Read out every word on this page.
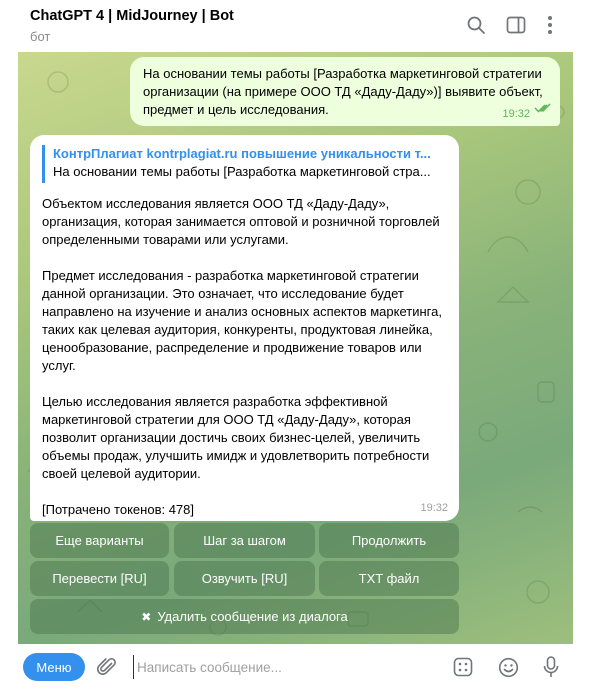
ChatGPT 4 | MidJourney | Bot
бот
На основании темы работы [Разработка маркетинговой стратегии организации (на примере ООО ТД «Даду-Даду»)] выявите объект, предмет и цель исследования.	19:32
КонтрПлагиат kontrplagiat.ru повышение уникальности т...
На основании темы работы [Разработка маркетинговой стра...
Объектом исследования является ООО ТД «Даду-Даду», организация, которая занимается оптовой и розничной торговлей определенными товарами или услугами.
Предмет исследования - разработка маркетинговой стратегии данной организации. Это означает, что исследование будет направлено на изучение и анализ основных аспектов маркетинга, таких как целевая аудитория, конкуренты, продуктовая линейка, ценообразование, распределение и продвижение товаров или услуг.
Целью исследования является разработка эффективной маркетинговой стратегии для ООО ТД «Даду-Даду», которая позволит организации достичь своих бизнес-целей, увеличить объемы продаж, улучшить имидж и удовлетворить потребности своей целевой аудитории.
[Потрачено токенов: 478]	19:32
Еще варианты	Шаг за шагом	Продолжить
Перевести [RU]	Озвучить [RU]	TXT файл
✖ Удалить сообщение из диалога
Меню
Написать сообщение...
